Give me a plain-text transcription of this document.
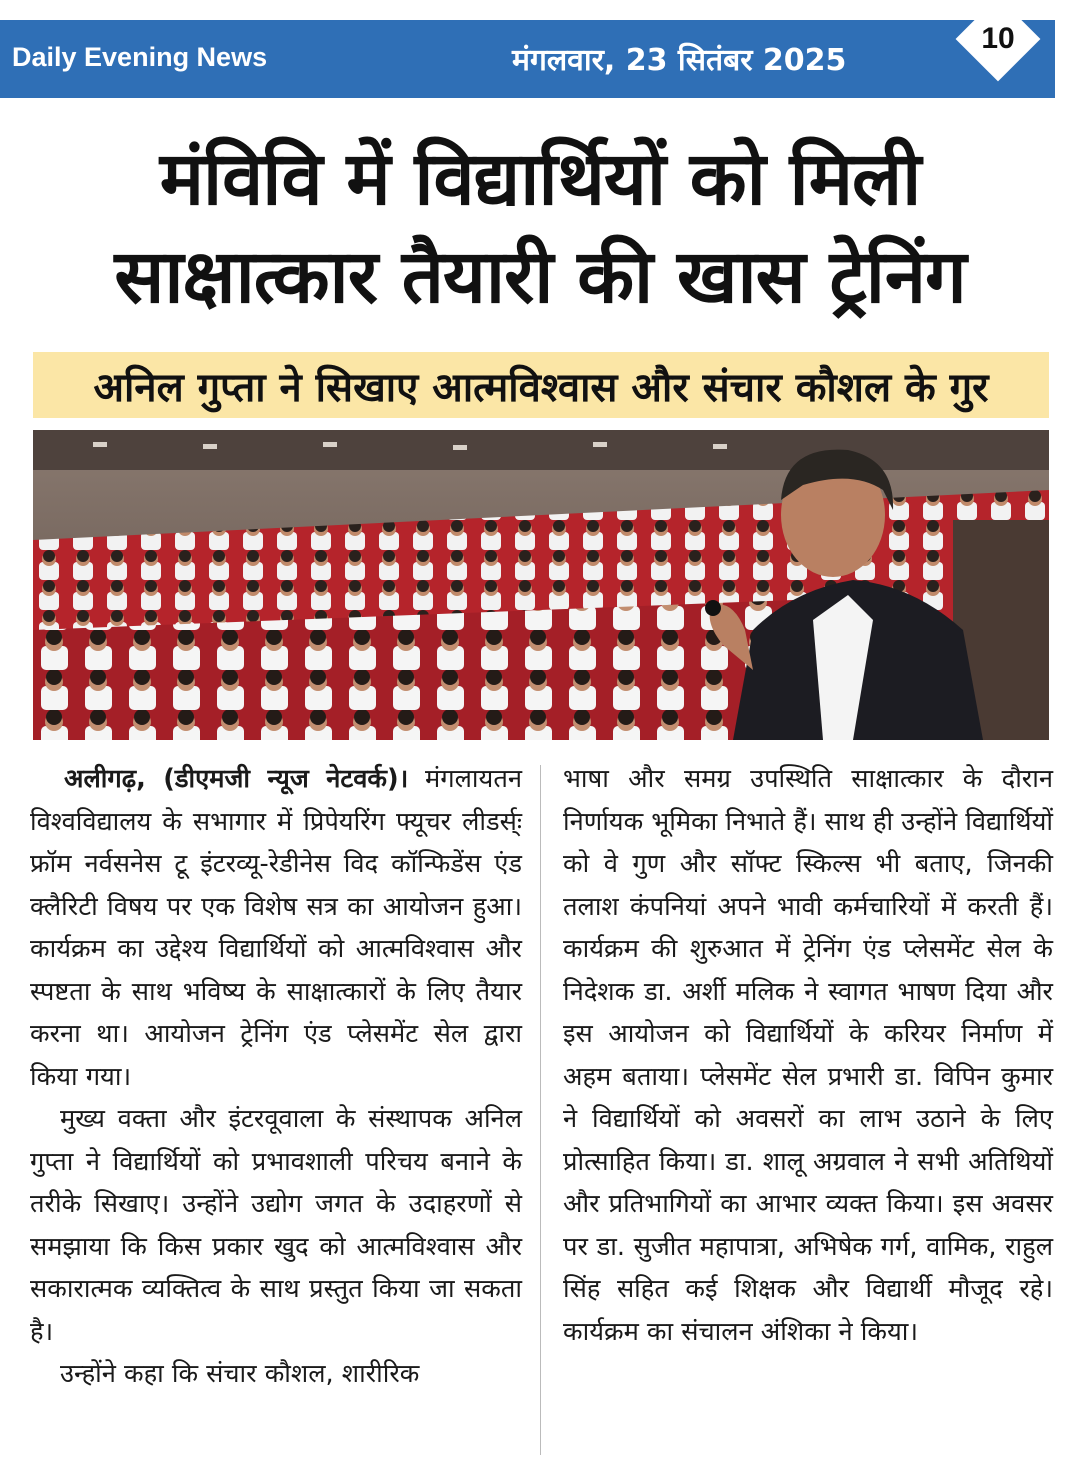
Daily Evening News	मंगलवार, 23 सितंबर 2025
10
मंविवि में विद्यार्थियों को मिली
साक्षात्कार तैयारी की खास ट्रेनिंग
अनिल गुप्ता ने सिखाए आत्मविश्वास और संचार कौशल के गुर

अलीगढ़, (डीएमजी न्यूज नेटवर्क)। मंगलायतन विश्वविद्यालय के सभागार में प्रिपेयरिंग फ्यूचर लीडर्स्ः फ्रॉम नर्वसनेस टू इंटरव्यू-रेडीनेस विद कॉन्फिडेंस एंड क्लैरिटी विषय पर एक विशेष सत्र का आयोजन हुआ। कार्यक्रम का उद्देश्य विद्यार्थियों को आत्मविश्वास और स्पष्टता के साथ भविष्य के साक्षात्कारों के लिए तैयार करना था। आयोजन ट्रेनिंग एंड प्लेसमेंट सेल द्वारा किया गया।

मुख्य वक्ता और इंटरवूवाला के संस्थापक अनिल गुप्ता ने विद्यार्थियों को प्रभावशाली परिचय बनाने के तरीके सिखाए। उन्होंने उद्योग जगत के उदाहरणों से समझाया कि किस प्रकार खुद को आत्मविश्वास और सकारात्मक व्यक्तित्व के साथ प्रस्तुत किया जा सकता है।

उन्होंने कहा कि संचार कौशल, शारीरिक

भाषा और समग्र उपस्थिति साक्षात्कार के दौरान निर्णायक भूमिका निभाते हैं। साथ ही उन्होंने विद्यार्थियों को वे गुण और सॉफ्ट स्किल्स भी बताए, जिनकी तलाश कंपनियां अपने भावी कर्मचारियों में करती हैं। कार्यक्रम की शुरुआत में ट्रेनिंग एंड प्लेसमेंट सेल के निदेशक डा. अर्शी मलिक ने स्वागत भाषण दिया और इस आयोजन को विद्यार्थियों के करियर निर्माण में अहम बताया। प्लेसमेंट सेल प्रभारी डा. विपिन कुमार ने विद्यार्थियों को अवसरों का लाभ उठाने के लिए प्रोत्साहित किया। डा. शालू अग्रवाल ने सभी अतिथियों और प्रतिभागियों का आभार व्यक्त किया। इस अवसर पर डा. सुजीत महापात्रा, अभिषेक गर्ग, वामिक, राहुल सिंह सहित कई शिक्षक और विद्यार्थी मौजूद रहे। कार्यक्रम का संचालन अंशिका ने किया।
